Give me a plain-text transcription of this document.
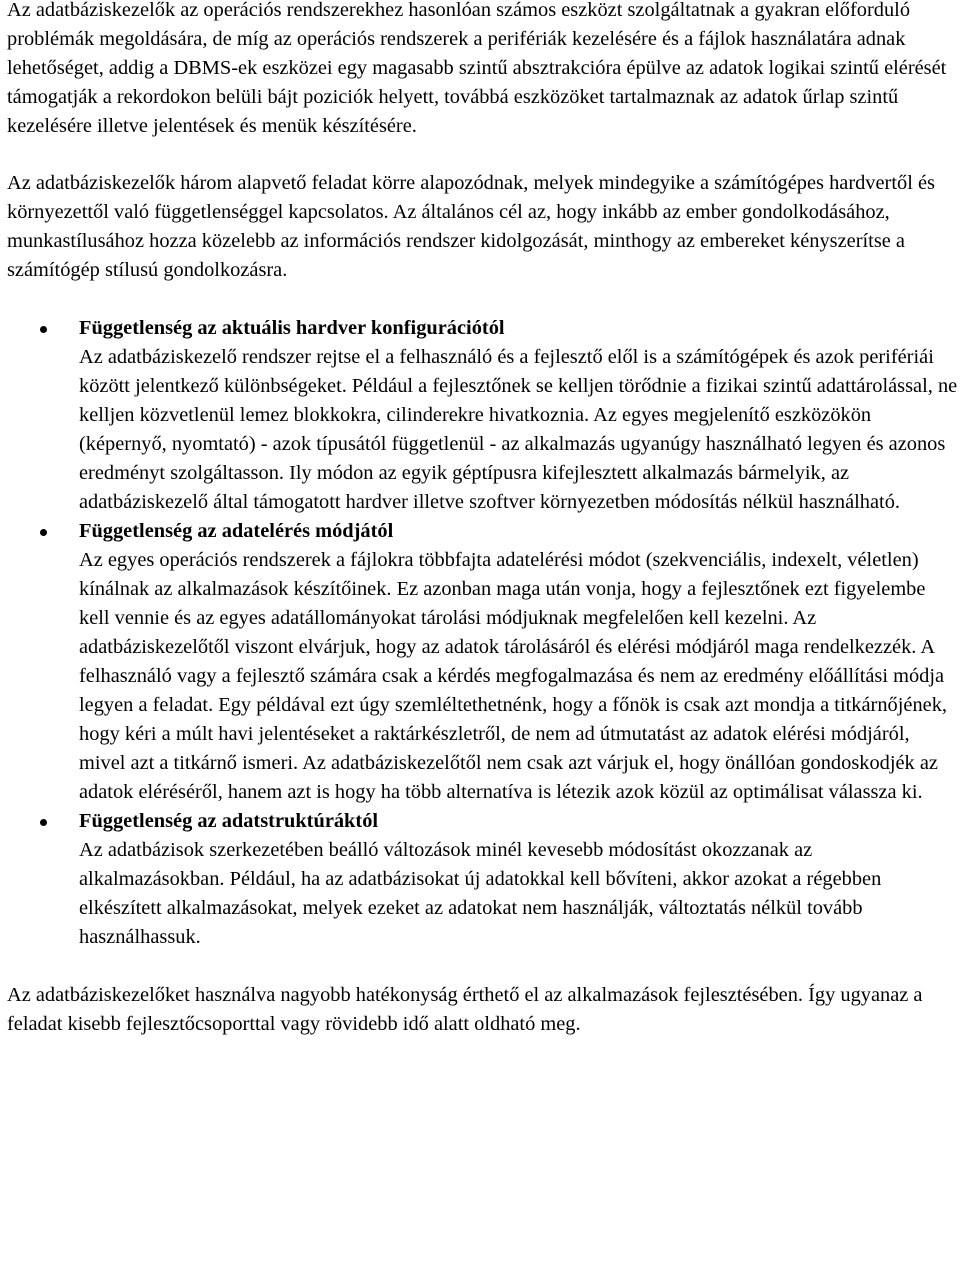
Az adatbáziskezelők az operációs rendszerekhez hasonlóan számos eszközt szolgáltatnak a gyakran előforduló problémák megoldására, de míg az operációs rendszerek a perifériák kezelésére és a fájlok használatára adnak lehetőséget, addig a DBMS-ek eszközei egy magasabb szintű absztrakcióra épülve az adatok logikai szintű elérését támogatják a rekordokon belüli bájt poziciók helyett, továbbá eszközöket tartalmaznak az adatok űrlap szintű kezelésére illetve jelentések és menük készítésére.

Az adatbáziskezelők három alapvető feladat körre alapozódnak, melyek mindegyike a számítógépes hardvertől és környezettől való függetlenséggel kapcsolatos. Az általános cél az, hogy inkább az ember gondolkodásához, munkastílusához hozza közelebb az információs rendszer kidolgozását, minthogy az embereket kényszerítse a számítógép stílusú gondolkozásra.

Függetlenség az aktuális hardver konfigurációtól
Az adatbáziskezelő rendszer rejtse el a felhasználó és a fejlesztő elől is a számítógépek és azok perifériái között jelentkező különbségeket. Például a fejlesztőnek se kelljen törődnie a fizikai szintű adattárolással, ne kelljen közvetlenül lemez blokkokra, cilinderekre hivatkoznia. Az egyes megjelenítő eszközökön (képernyő, nyomtató) - azok típusától függetlenül - az alkalmazás ugyanúgy használható legyen és azonos eredményt szolgáltasson. Ily módon az egyik géptípusra kifejlesztett alkalmazás bármelyik, az adatbáziskezelő által támogatott hardver illetve szoftver környezetben módosítás nélkül használható.
Függetlenség az adatelérés módjától
Az egyes operációs rendszerek a fájlokra többfajta adatelérési módot (szekvenciális, indexelt, véletlen) kínálnak az alkalmazások készítőinek. Ez azonban maga után vonja, hogy a fejlesztőnek ezt figyelembe kell vennie és az egyes adatállományokat tárolási módjuknak megfelelően kell kezelni. Az adatbáziskezelőtől viszont elvárjuk, hogy az adatok tárolásáról és elérési módjáról maga rendelkezzék. A felhasználó vagy a fejlesztő számára csak a kérdés megfogalmazása és nem az eredmény előállítási módja legyen a feladat. Egy példával ezt úgy szemléltethetnénk, hogy a főnök is csak azt mondja a titkárnőjének, hogy kéri a múlt havi jelentéseket a raktárkészletről, de nem ad útmutatást az adatok elérési módjáról, mivel azt a titkárnő ismeri. Az adatbáziskezelőtől nem csak azt várjuk el, hogy önállóan gondoskodjék az adatok eléréséről, hanem azt is hogy ha több alternatíva is létezik azok közül az optimálisat válassza ki.
Függetlenség az adatstruktúráktól
Az adatbázisok szerkezetében beálló változások minél kevesebb módosítást okozzanak az alkalmazásokban. Például, ha az adatbázisokat új adatokkal kell bővíteni, akkor azokat a régebben elkészített alkalmazásokat, melyek ezeket az adatokat nem használják, változtatás nélkül tovább használhassuk.

Az adatbáziskezelőket használva nagyobb hatékonyság érthető el az alkalmazások fejlesztésében. Így ugyanaz a feladat kisebb fejlesztőcsoporttal vagy rövidebb idő alatt oldható meg.
